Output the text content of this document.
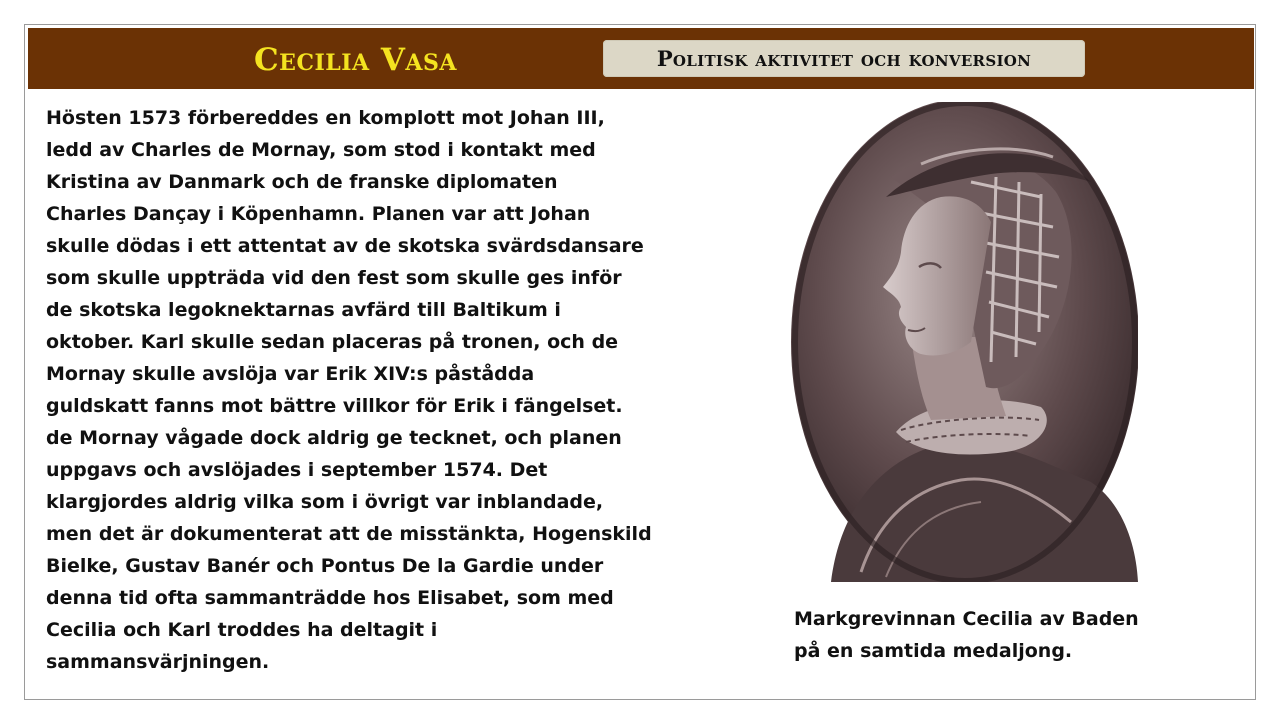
Cecilia Vasa	Politisk aktivitet och konversion

Hösten 1573 förbereddes en komplott mot Johan III,
ledd av Charles de Mornay, som stod i kontakt med
Kristina av Danmark och de franske diplomaten
Charles Dançay i Köpenhamn. Planen var att Johan
skulle dödas i ett attentat av de skotska svärdsdansare
som skulle uppträda vid den fest som skulle ges inför
de skotska legoknektarnas avfärd till Baltikum i
oktober. Karl skulle sedan placeras på tronen, och de
Mornay skulle avslöja var Erik XIV:s påstådda
guldskatt fanns mot bättre villkor för Erik i fängelset.
de Mornay vågade dock aldrig ge tecknet, och planen
uppgavs och avslöjades i september 1574. Det
klargjordes aldrig vilka som i övrigt var inblandade,
men det är dokumenterat att de misstänkta, Hogenskild
Bielke, Gustav Banér och Pontus De la Gardie under
denna tid ofta sammanträdde hos Elisabet, som med
Cecilia och Karl troddes ha deltagit i
sammansvärjningen.

Markgrevinnan Cecilia av Baden
på en samtida medaljong.
